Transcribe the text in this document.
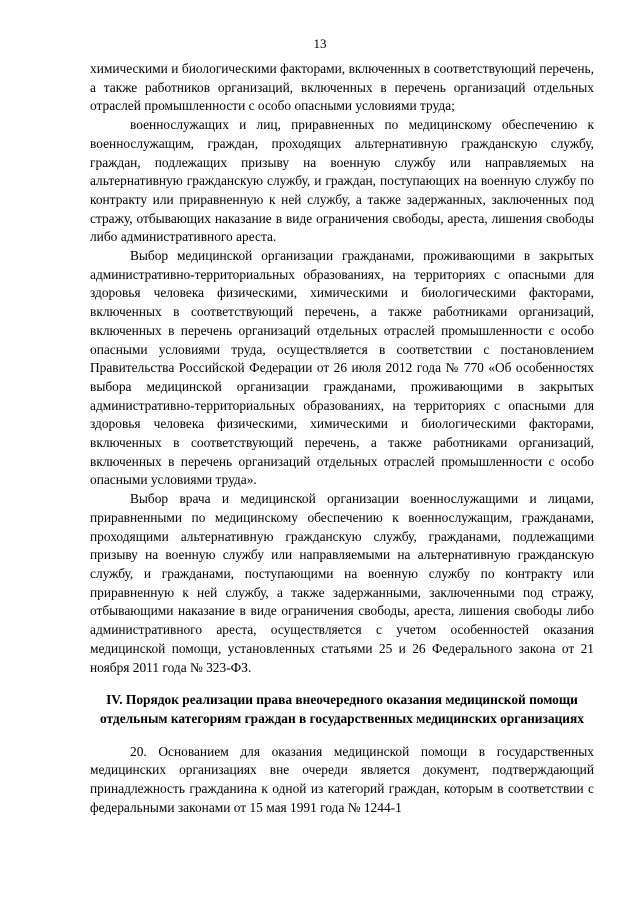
13

химическими и биологическими факторами, включенных в соответствующий перечень, а также работников организаций, включенных в перечень организаций отдельных отраслей промышленности с особо опасными условиями труда;

военнослужащих и лиц, приравненных по медицинскому обеспечению к военнослужащим, граждан, проходящих альтернативную гражданскую службу, граждан, подлежащих призыву на военную службу или направляемых на альтернативную гражданскую службу, и граждан, поступающих на военную службу по контракту или приравненную к ней службу, а также задержанных, заключенных под стражу, отбывающих наказание в виде ограничения свободы, ареста, лишения свободы либо административного ареста.

Выбор медицинской организации гражданами, проживающими в закрытых административно-территориальных образованиях, на территориях с опасными для здоровья человека физическими, химическими и биологическими факторами, включенных в соответствующий перечень, а также работниками организаций, включенных в перечень организаций отдельных отраслей промышленности с особо опасными условиями труда, осуществляется в соответствии с постановлением Правительства Российской Федерации от 26 июля 2012 года № 770 «Об особенностях выбора медицинской организации гражданами, проживающими в закрытых административно-территориальных образованиях, на территориях с опасными для здоровья человека физическими, химическими и биологическими факторами, включенных в соответствующий перечень, а также работниками организаций, включенных в перечень организаций отдельных отраслей промышленности с особо опасными условиями труда».

Выбор врача и медицинской организации военнослужащими и лицами, приравненными по медицинскому обеспечению к военнослужащим, гражданами, проходящими альтернативную гражданскую службу, гражданами, подлежащими призыву на военную службу или направляемыми на альтернативную гражданскую службу, и гражданами, поступающими на военную службу по контракту или приравненную к ней службу, а также задержанными, заключенными под стражу, отбывающими наказание в виде ограничения свободы, ареста, лишения свободы либо административного ареста, осуществляется с учетом особенностей оказания медицинской помощи, установленных статьями 25 и 26 Федерального закона от 21 ноября 2011 года № 323-ФЗ.

IV. Порядок реализации права внеочередного оказания медицинской помощи отдельным категориям граждан в государственных медицинских организациях

20. Основанием для оказания медицинской помощи в государственных медицинских организациях вне очереди является документ, подтверждающий принадлежность гражданина к одной из категорий граждан, которым в соответствии с федеральными законами от 15 мая 1991 года № 1244-1
